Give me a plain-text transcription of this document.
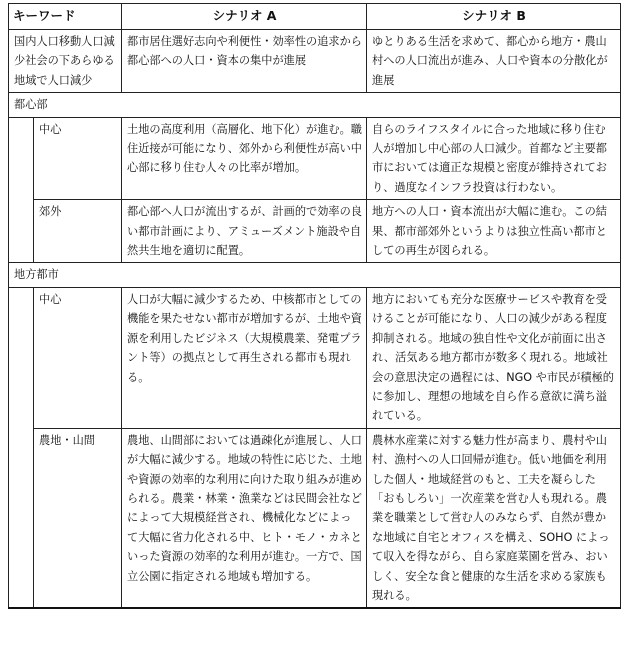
キーワード		シナリオ A	シナリオ B

国内人口移動人口減少社会の下あらゆる地域で人口減少		都市居住選好志向や利便性・効率性の追求から都心部への人口・資本の集中が進展	ゆとりある生活を求めて、都心から地方・農山村への人口流出が進み、人口や資本の分散化が進展

都心部			
	中心	土地の高度利用（高層化、地下化）が進む。職住近接が可能になり、郊外から利便性が高い中心部に移り住む人々の比率が増加。	自らのライフスタイルに合った地域に移り住む人が増加し中心部の人口減少。首都など主要都市においては適正な規模と密度が維持されており、過度なインフラ投資は行わない。

	郊外	都心部へ人口が流出するが、計画的で効率の良い都市計画により、アミューズメント施設や自然共生地を適切に配置。	地方への人口・資本流出が大幅に進む。この結果、都市部郊外というよりは独立性高い都市としての再生が図られる。

地方都市			
	中心	人口が大幅に減少するため、中核都市としての機能を果たせない都市が増加するが、土地や資源を利用したビジネス（大規模農業、発電プラント等）の拠点として再生される都市も現れる。	地方においても充分な医療サービスや教育を受けることが可能になり、人口の減少がある程度抑制される。地域の独自性や文化が前面に出され、活気ある地方都市が数多く現れる。地域社会の意思決定の過程には、NGO や市民が積極的に参加し、理想の地域を自ら作る意欲に満ち溢れている。

	農地・山間	農地、山間部においては過疎化が進展し、人口が大幅に減少する。地域の特性に応じた、土地や資源の効率的な利用に向けた取り組みが進められる。農業・林業・漁業などは民間会社などによって大規模経営され、機械化などによって大幅に省力化される中、ヒト・モノ・カネといった資源の効率的な利用が進む。一方で、国立公園に指定される地域も増加する。	農林水産業に対する魅力性が高まり、農村や山村、漁村への人口回帰が進む。低い地価を利用した個人・地域経営のもと、工夫を凝らした「おもしろい」一次産業を営む人も現れる。農業を職業として営む人のみならず、自然が豊かな地域に自宅とオフィスを構え、SOHO によって収入を得ながら、自ら家庭菜園を営み、おいしく、安全な食と健康的な生活を求める家族も現れる。
